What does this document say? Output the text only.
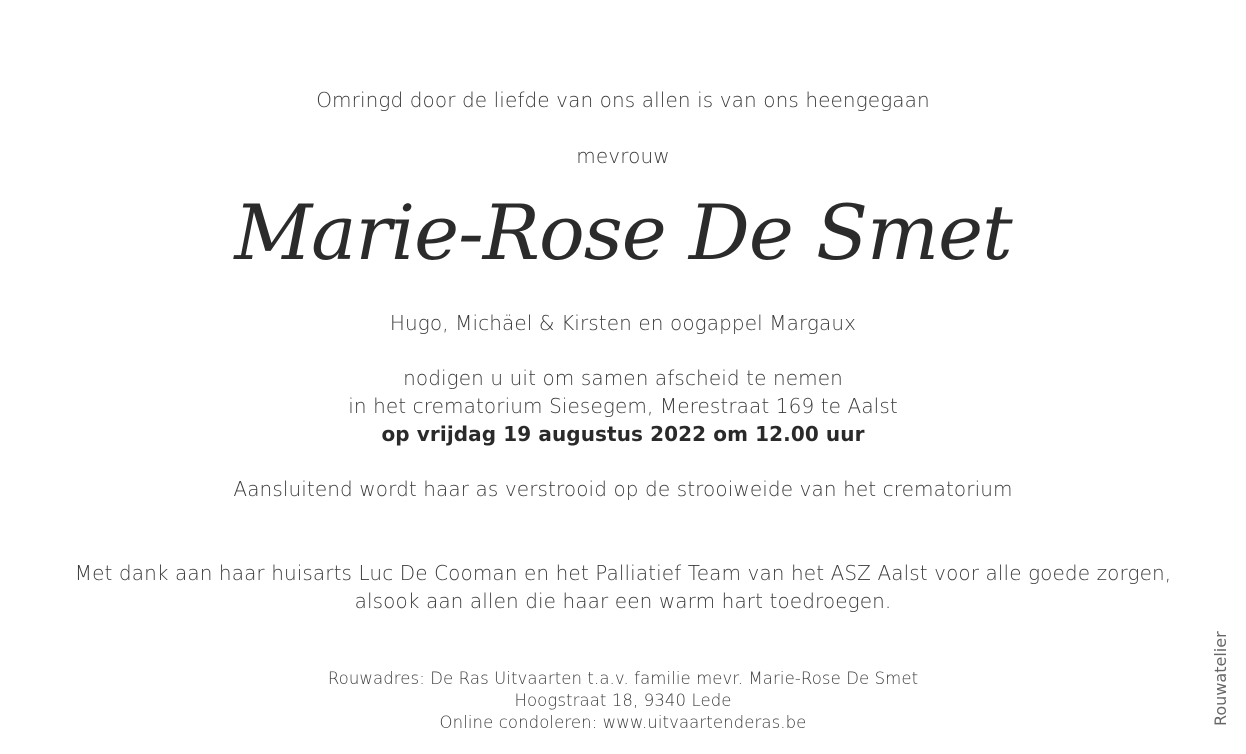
Omringd door de liefde van ons allen is van ons heengegaan
mevrouw
Marie-Rose De Smet
Hugo, Michäel & Kirsten en oogappel Margaux
nodigen u uit om samen afscheid te nemen
in het crematorium Siesegem, Merestraat 169 te Aalst
op vrijdag 19 augustus 2022 om 12.00 uur
Aansluitend wordt haar as verstrooid op de strooiweide van het crematorium
Met dank aan haar huisarts Luc De Cooman en het Palliatief Team van het ASZ Aalst voor alle goede zorgen,
alsook aan allen die haar een warm hart toedroegen.
Rouwadres: De Ras Uitvaarten t.a.v. familie mevr. Marie-Rose De Smet
Hoogstraat 18, 9340 Lede
Online condoleren: www.uitvaartenderas.be	Rouwatelier
